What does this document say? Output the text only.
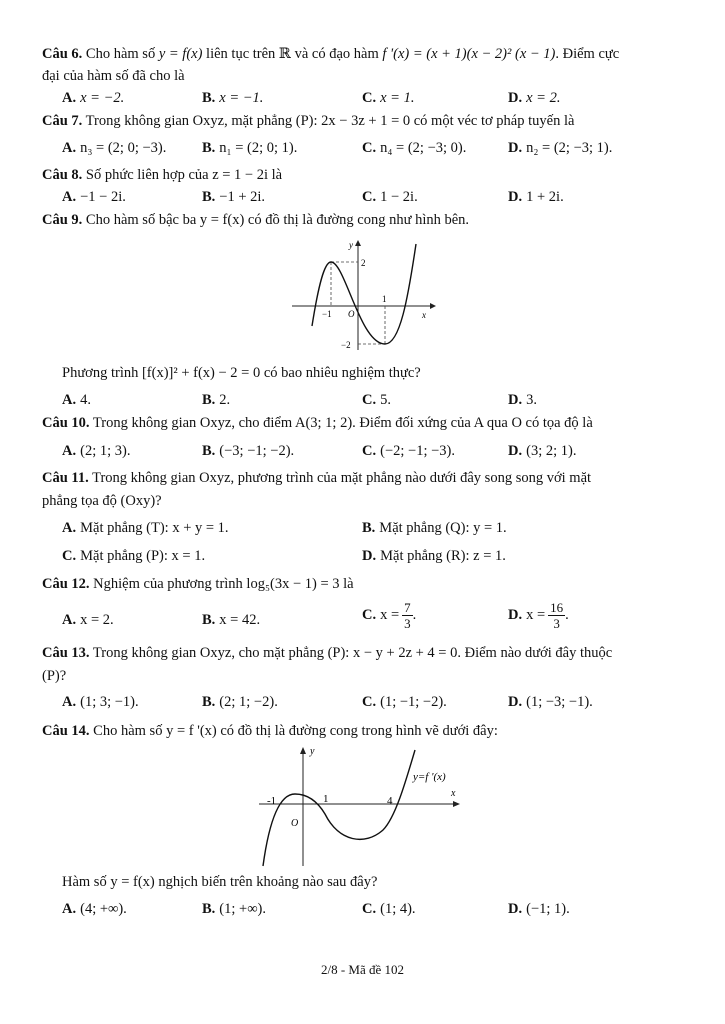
Câu 6. Cho hàm số y = f(x) liên tục trên ℝ và có đạo hàm f '(x) = (x + 1)(x − 2)² (x − 1). Điểm cực
đại của hàm số đã cho là
A. x = −2.	B. x = −1.	C. x = 1.	D. x = 2.
Câu 7. Trong không gian Oxyz, mặt phẳng (P): 2x − 3z + 1 = 0 có một véc tơ pháp tuyến là
A. n₃ = (2; 0; −3). B. n₁ = (2; 0; 1).	C. n₄ = (2; −3; 0).	D. n₂ = (2; −3; 1).
Câu 8. Số phức liên hợp của z = 1 − 2i là
A. −1 − 2i.	B. −1 + 2i.	C. 1 − 2i.	D. 1 + 2i.
Câu 9. Cho hàm số bậc ba y = f(x) có đồ thị là đường cong như hình bên.
y
x
O
−1
1
2
−2
Phương trình [f(x)]² + f(x) − 2 = 0 có bao nhiêu nghiệm thực?
A. 4.	B. 2.	C. 5.	D. 3.
Câu 10. Trong không gian Oxyz, cho điểm A(3; 1; 2). Điểm đối xứng của A qua O có tọa độ là
A. (2; 1; 3).	B. (−3; −1; −2).	C. (−2; −1; −3).	D. (3; 2; 1).
Câu 11. Trong không gian Oxyz, phương trình của mặt phẳng nào dưới đây song song với mặt
phẳng tọa độ (Oxy)?
A. Mặt phẳng (T): x + y = 1.	B. Mặt phẳng (Q): y = 1.
C. Mặt phẳng (P): x = 1.	D. Mặt phẳng (R): z = 1.
Câu 12. Nghiệm của phương trình log₅(3x − 1) = 3 là
A. x = 2.	B. x = 42.	C. $x = \frac{7}{3}$ .	D. $x = \frac{16}{3}$ .
Câu 13. Trong không gian Oxyz, cho mặt phẳng (P): x − y + 2z + 4 = 0. Điểm nào dưới đây thuộc
(P)?
A. (1; 3; −1).	B. (2; 1; −2).	C. (1; −1; −2).	D. (1; −3; −1).
Câu 14. Cho hàm số y = f '(x) có đồ thị là đường cong trong hình vẽ dưới đây:
y
x
O
y=f '(x)
-1	1	4
Hàm số y = f(x) nghịch biến trên khoảng nào sau đây?
A. (4; +∞).	B. (1; +∞).	C. (1; 4).	D. (−1; 1).
2/8 - Mã đề 102
